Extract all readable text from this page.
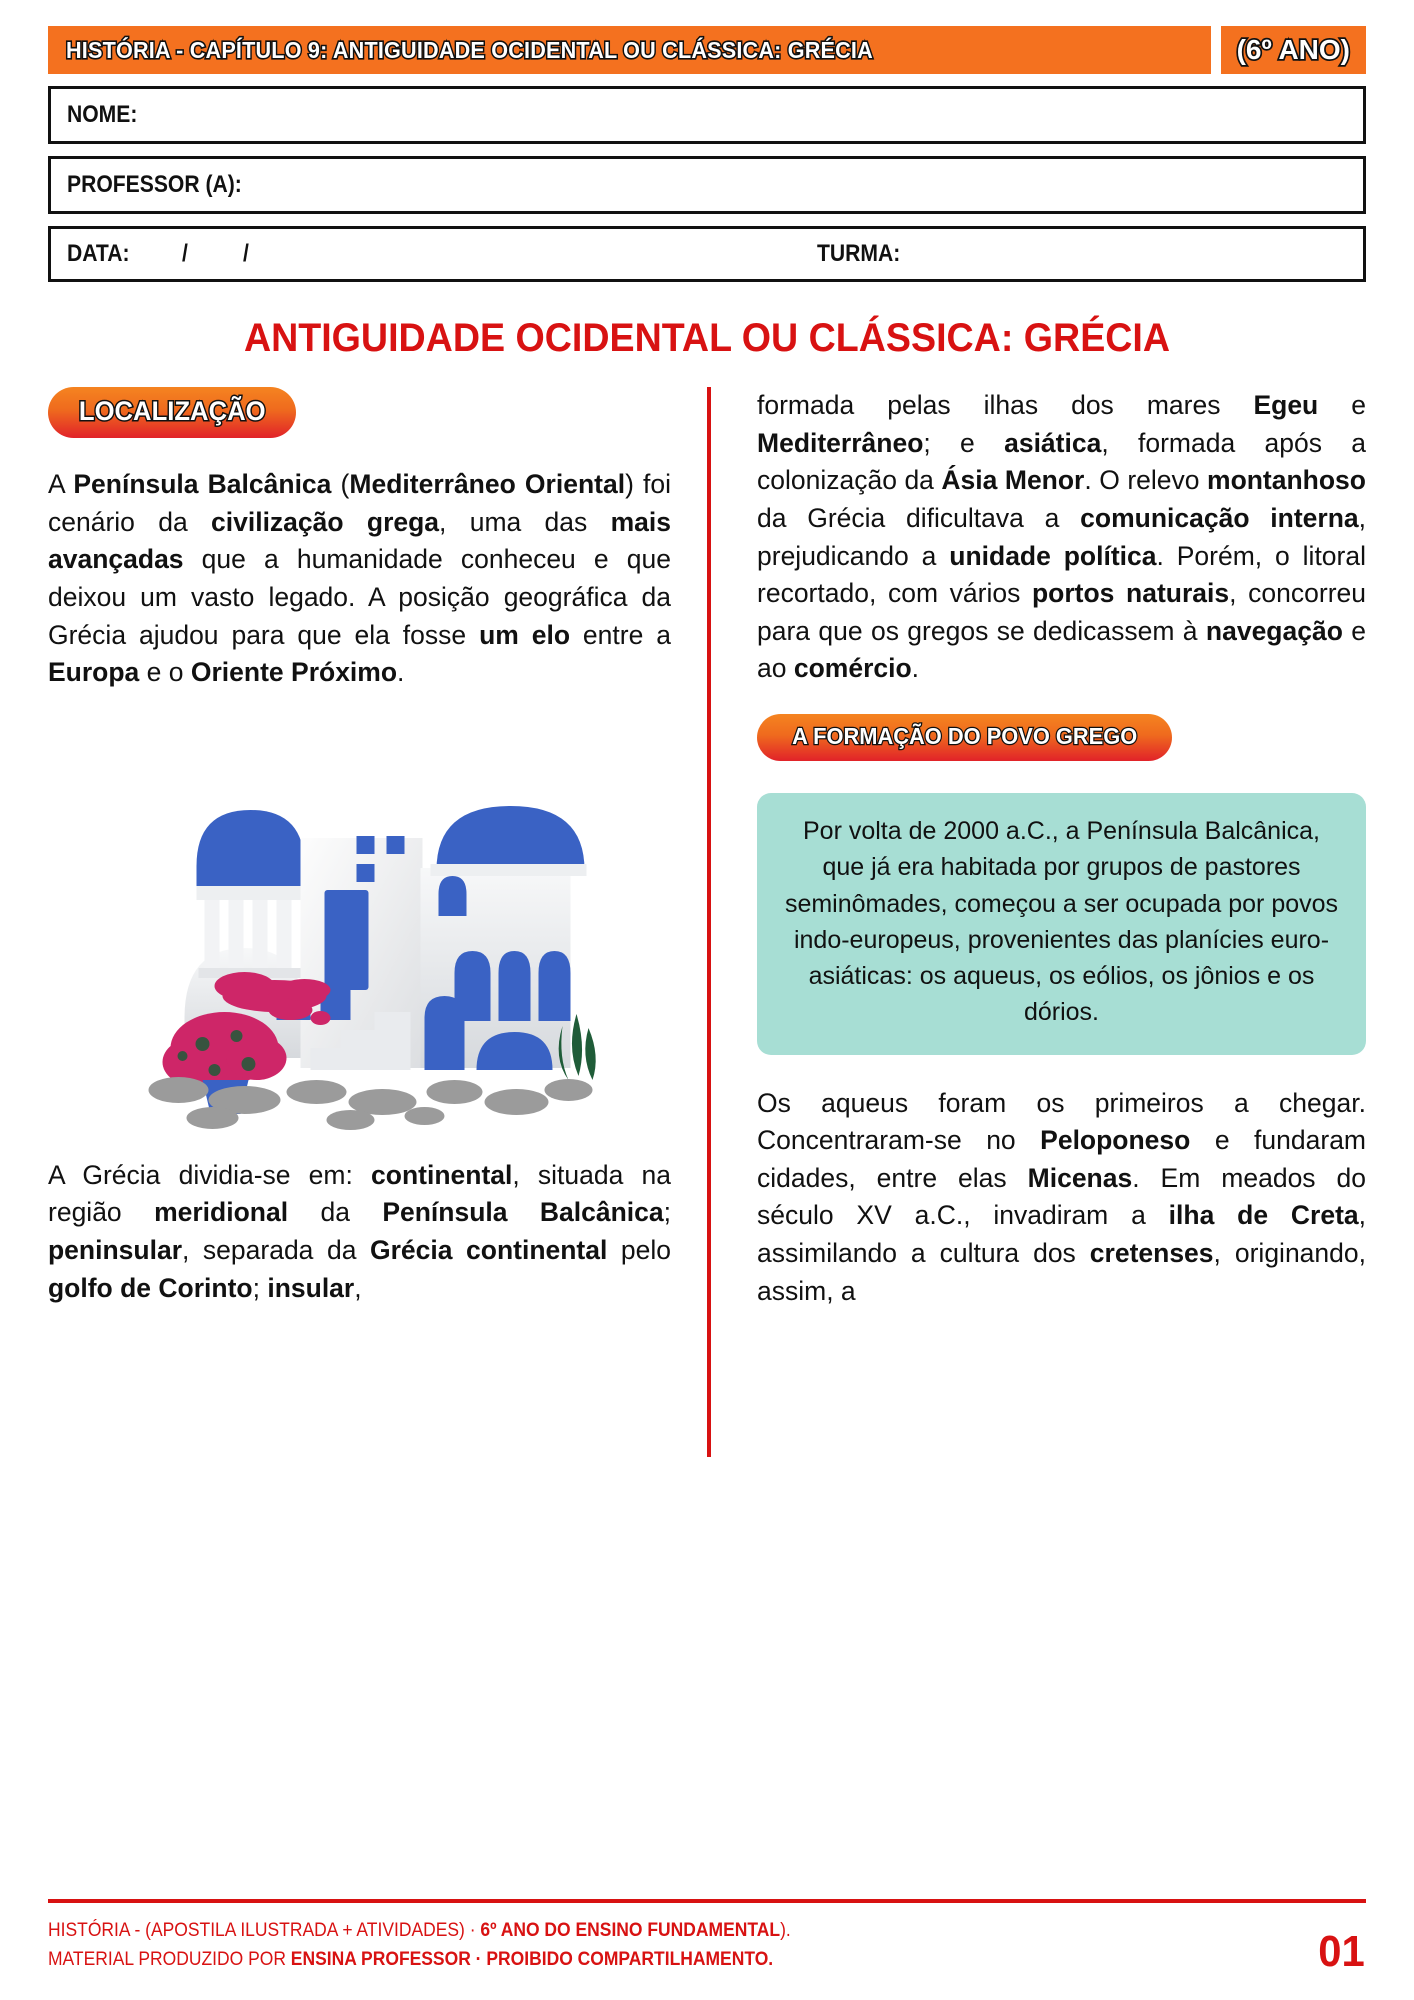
HISTÓRIA - CAPÍTULO 9: ANTIGUIDADE OCIDENTAL OU CLÁSSICA: GRÉCIA	(6º ANO)
NOME:
PROFESSOR (A):
DATA: / /	TURMA:
ANTIGUIDADE OCIDENTAL OU CLÁSSICA: GRÉCIA
LOCALIZAÇÃO

A Península Balcânica (Mediterrâneo Oriental) foi cenário da civilização grega, uma das mais avançadas que a humanidade conheceu e que deixou um vasto legado. A posição geográfica da Grécia ajudou para que ela fosse um elo entre a Europa e o Oriente Próximo.

A Grécia dividia-se em: continental, situada na região meridional da Península Balcânica; peninsular, separada da Grécia continental pelo golfo de Corinto; insular,

formada pelas ilhas dos mares Egeu e Mediterrâneo; e asiática, formada após a colonização da Ásia Menor. O relevo montanhoso da Grécia dificultava a comunicação interna, prejudicando a unidade política. Porém, o litoral recortado, com vários portos naturais, concorreu para que os gregos se dedicassem à navegação e ao comércio.

A FORMAÇÃO DO POVO GREGO

Por volta de 2000 a.C., a Península Balcânica, que já era habitada por grupos de pastores seminômades, começou a ser ocupada por povos indo-europeus, provenientes das planícies euro-asiáticas: os aqueus, os eólios, os jônios e os dórios.

Os aqueus foram os primeiros a chegar. Concentraram-se no Peloponeso e fundaram cidades, entre elas Micenas. Em meados do século XV a.C., invadiram a ilha de Creta, assimilando a cultura dos cretenses, originando, assim, a

HISTÓRIA - (APOSTILA ILUSTRADA + ATIVIDADES) · 6º ANO DO ENSINO FUNDAMENTAL).
MATERIAL PRODUZIDO POR ENSINA PROFESSOR · PROIBIDO COMPARTILHAMENTO.	01
